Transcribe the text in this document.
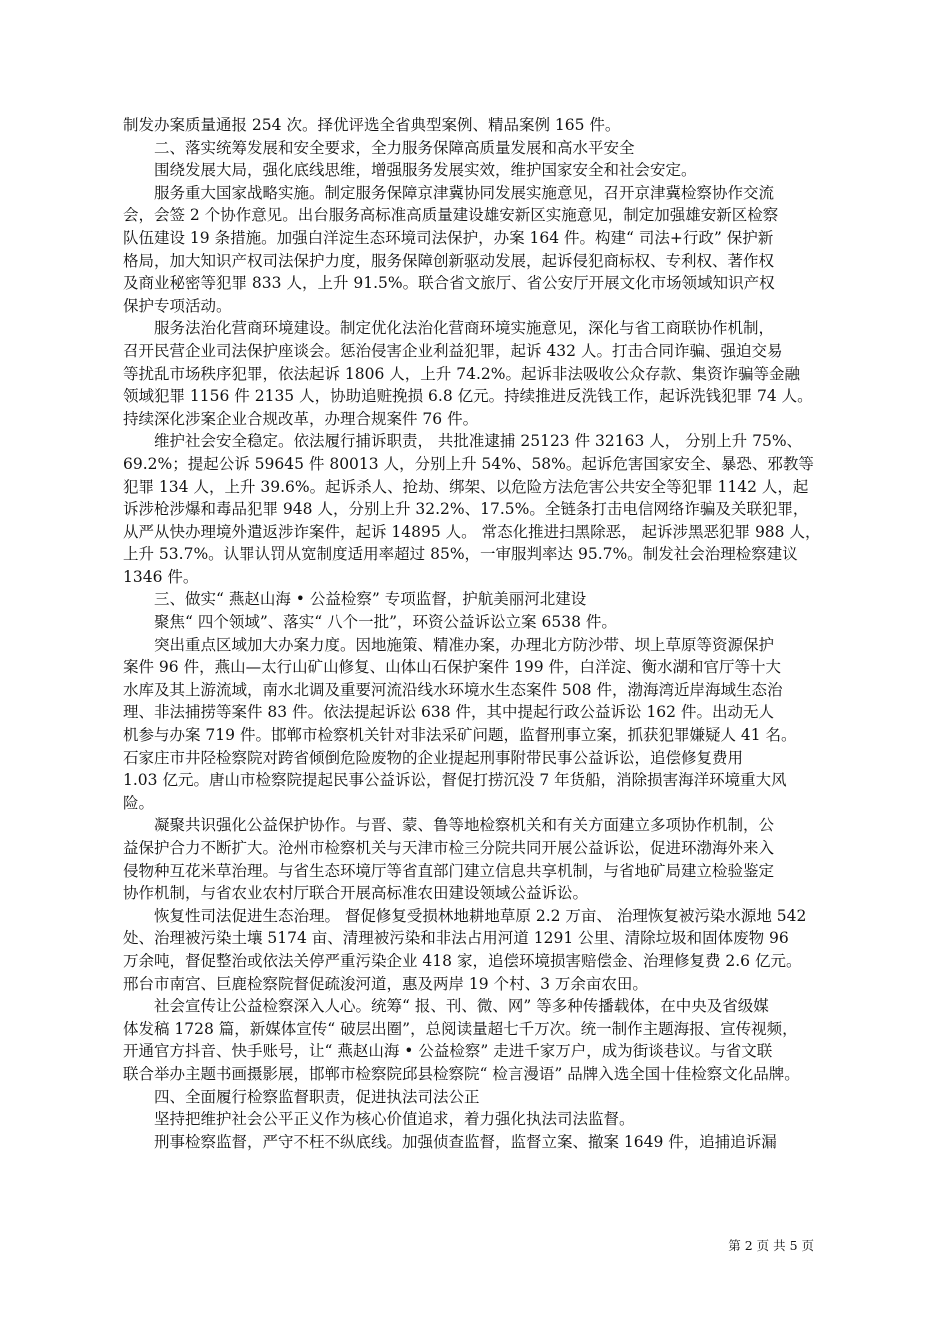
制发办案质量通报 254 次。择优评选全省典型案例、精品案例 165 件。
　　二、落实统筹发展和安全要求，全力服务保障高质量发展和高水平安全
　　围绕发展大局，强化底线思维，增强服务发展实效，维护国家安全和社会安定。
　　服务重大国家战略实施。制定服务保障京津冀协同发展实施意见，召开京津冀检察协作交流
会，会签 2 个协作意见。出台服务高标准高质量建设雄安新区实施意见，制定加强雄安新区检察
队伍建设 19 条措施。加强白洋淀生态环境司法保护，办案 164 件。构建“ 司法+行政” 保护新
格局，加大知识产权司法保护力度，服务保障创新驱动发展，起诉侵犯商标权、专利权、著作权
及商业秘密等犯罪 833 人，上升 91.5%。联合省文旅厅、省公安厅开展文化市场领域知识产权
保护专项活动。
　　服务法治化营商环境建设。制定优化法治化营商环境实施意见，深化与省工商联协作机制，
召开民营企业司法保护座谈会。惩治侵害企业利益犯罪，起诉 432 人。打击合同诈骗、强迫交易
等扰乱市场秩序犯罪，依法起诉 1806 人，上升 74.2%。起诉非法吸收公众存款、集资诈骗等金融
领域犯罪 1156 件 2135 人，协助追赃挽损 6.8 亿元。持续推进反洗钱工作，起诉洗钱犯罪 74 人。
持续深化涉案企业合规改革，办理合规案件 76 件。
　　维护社会安全稳定。依法履行捕诉职责， 共批准逮捕 25123 件 32163 人， 分别上升 75%、
69.2%；提起公诉 59645 件 80013 人，分别上升 54%、58%。起诉危害国家安全、暴恐、邪教等
犯罪 134 人，上升 39.6%。起诉杀人、抢劫、绑架、以危险方法危害公共安全等犯罪 1142 人，起
诉涉枪涉爆和毒品犯罪 948 人，分别上升 32.2%、17.5%。全链条打击电信网络诈骗及关联犯罪，
从严从快办理境外遣返涉诈案件，起诉 14895 人。 常态化推进扫黑除恶， 起诉涉黑恶犯罪 988 人，
上升 53.7%。认罪认罚从宽制度适用率超过 85%，一审服判率达 95.7%。制发社会治理检察建议
1346 件。
　　三、做实“ 燕赵山海 • 公益检察” 专项监督，护航美丽河北建设
　　聚焦“ 四个领域”、落实“ 八个一批”，环资公益诉讼立案 6538 件。
　　突出重点区域加大办案力度。因地施策、精准办案，办理北方防沙带、坝上草原等资源保护
案件 96 件，燕山—太行山矿山修复、山体山石保护案件 199 件，白洋淀、衡水湖和官厅等十大
水库及其上游流域，南水北调及重要河流沿线水环境水生态案件 508 件，渤海湾近岸海域生态治
理、非法捕捞等案件 83 件。依法提起诉讼 638 件，其中提起行政公益诉讼 162 件。出动无人
机参与办案 719 件。邯郸市检察机关针对非法采矿问题，监督刑事立案，抓获犯罪嫌疑人 41 名。
石家庄市井陉检察院对跨省倾倒危险废物的企业提起刑事附带民事公益诉讼，追偿修复费用
1.03 亿元。唐山市检察院提起民事公益诉讼，督促打捞沉没 7 年货船，消除损害海洋环境重大风
险。
　　凝聚共识强化公益保护协作。与晋、蒙、鲁等地检察机关和有关方面建立多项协作机制，公
益保护合力不断扩大。沧州市检察机关与天津市检三分院共同开展公益诉讼，促进环渤海外来入
侵物种互花米草治理。与省生态环境厅等省直部门建立信息共享机制，与省地矿局建立检验鉴定
协作机制，与省农业农村厅联合开展高标准农田建设领域公益诉讼。
　　恢复性司法促进生态治理。 督促修复受损林地耕地草原 2.2 万亩、 治理恢复被污染水源地 542
处、治理被污染土壤 5174 亩、清理被污染和非法占用河道 1291 公里、清除垃圾和固体废物 96
万余吨，督促整治或依法关停严重污染企业 418 家，追偿环境损害赔偿金、治理修复费 2.6 亿元。
邢台市南宫、巨鹿检察院督促疏浚河道，惠及两岸 19 个村、3 万余亩农田。
　　社会宣传让公益检察深入人心。统筹“ 报、刊、微、网” 等多种传播载体，在中央及省级媒
体发稿 1728 篇，新媒体宣传“ 破层出圈”，总阅读量超七千万次。统一制作主题海报、宣传视频，
开通官方抖音、快手账号，让“ 燕赵山海 • 公益检察” 走进千家万户，成为街谈巷议。与省文联
联合举办主题书画摄影展，邯郸市检察院邱县检察院“ 检言漫语” 品牌入选全国十佳检察文化品牌。
　　四、全面履行检察监督职责，促进执法司法公正
　　坚持把维护社会公平正义作为核心价值追求，着力强化执法司法监督。
　　刑事检察监督，严守不枉不纵底线。加强侦查监督，监督立案、撤案 1649 件，追捕追诉漏
第 2 页 共 5 页
